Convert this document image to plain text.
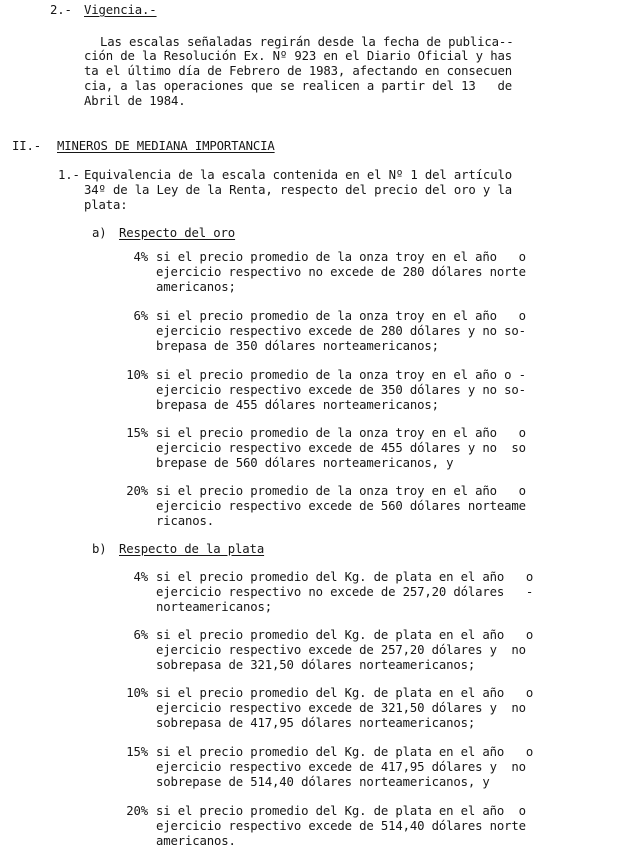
2.- Vigencia.-
Las escalas señaladas regirán desde la fecha de publica--
ción de la Resolución Ex. Nº 923 en el Diario Oficial y has
ta el último día de Febrero de 1983, afectando en consecuen
cia, a las operaciones que se realicen a partir del 13   de
Abril de 1984.
II.- MINEROS DE MEDIANA IMPORTANCIA
1.- Equivalencia de la escala contenida en el Nº 1 del artículo
34º de la Ley de la Renta, respecto del precio del oro y la
plata:
a) Respecto del oro
4% si el precio promedio de la onza troy en el año   o
ejercicio respectivo no excede de 280 dólares norte
americanos;
6% si el precio promedio de la onza troy en el año   o
ejercicio respectivo excede de 280 dólares y no so-
brepasa de 350 dólares norteamericanos;
10% si el precio promedio de la onza troy en el año o -
ejercicio respectivo excede de 350 dólares y no so-
brepasa de 455 dólares norteamericanos;
15% si el precio promedio de la onza troy en el año   o
ejercicio respectivo excede de 455 dólares y no  so
brepase de 560 dólares norteamericanos, y
20% si el precio promedio de la onza troy en el año   o
ejercicio respectivo excede de 560 dólares norteame
ricanos.
b) Respecto de la plata
4% si el precio promedio del Kg. de plata en el año   o
ejercicio respectivo no excede de 257,20 dólares   -
norteamericanos;
6% si el precio promedio del Kg. de plata en el año   o
ejercicio respectivo excede de 257,20 dólares y  no
sobrepasa de 321,50 dólares norteamericanos;
10% si el precio promedio del Kg. de plata en el año   o
ejercicio respectivo excede de 321,50 dólares y  no
sobrepasa de 417,95 dólares norteamericanos;
15% si el precio promedio del Kg. de plata en el año   o
ejercicio respectivo excede de 417,95 dólares y  no
sobrepase de 514,40 dólares norteamericanos, y
20% si el precio promedio del Kg. de plata en el año  o
ejercicio respectivo excede de 514,40 dólares norte
americanos.
